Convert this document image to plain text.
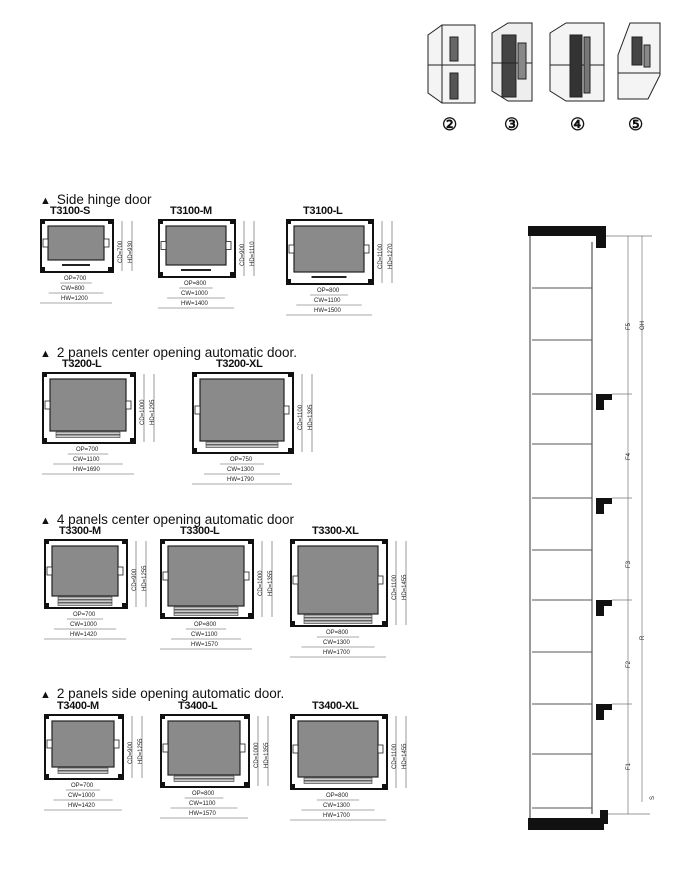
②	③	④	⑤
▲ Side hinge door
▲ 2 panels center opening automatic door.
▲ 4 panels center opening automatic door
▲ 2 panels side opening automatic door.
T3100-S
CD=700 HD=930
OP=700
CW=800
HW=1200
T3100-M
CD=900 HD=1110
OP=800
CW=1000
HW=1400
T3100-L
CD=1100 HD=1270
OP=800
CW=1100
HW=1500
T3200-L
CD=1000 HD=1295
OP=700
CW=1100
HW=1690
T3200-XL
CD=1100 HD=1395
OP=750
CW=1300
HW=1790
T3300-M
CD=900 HD=1255
OP=700
CW=1000
HW=1420
T3300-L
CD=1000 HD=1355
OP=800
CW=1100
HW=1570
T3300-XL
CD=1100 HD=1455
OP=800
CW=1300
HW=1700
T3400-M
CD=900 HD=1255
OP=700
CW=1000
HW=1420
T3400-L
CD=1000 HD=1355
OP=800
CW=1100
HW=1570
T3400-XL
CD=1100 HD=1455
OP=800
CW=1300
HW=1700
F5 OH
F4
F3
R
F2
F1
S
